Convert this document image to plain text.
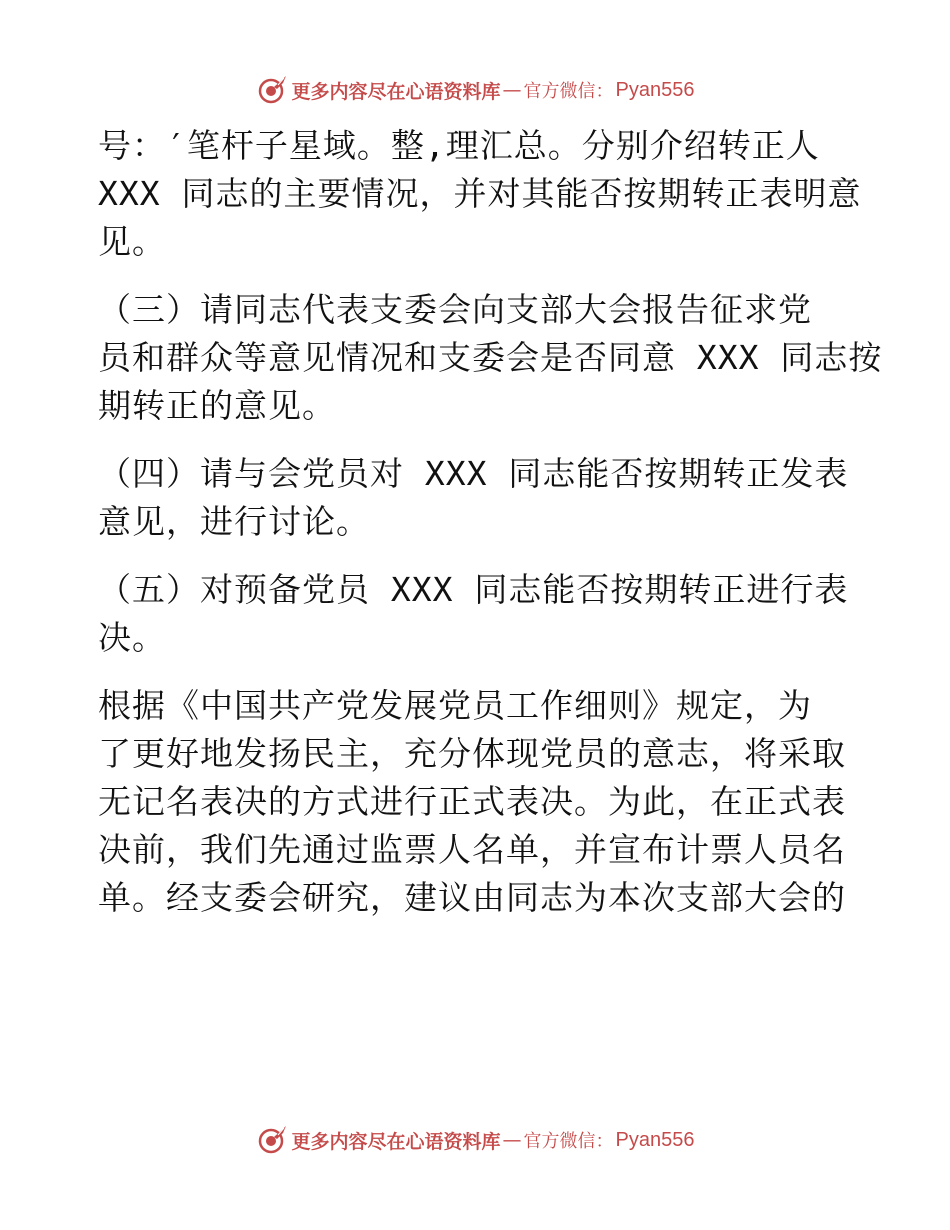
更多内容尽在心语资料库 — 官方微信： Pyan556

号：′笔杆子星域。整,理汇总。分别介绍转正人
XXX 同志的主要情况，并对其能否按期转正表明意
见。

（三）请同志代表支委会向支部大会报告征求党
员和群众等意见情况和支委会是否同意 XXX 同志按
期转正的意见。

（四）请与会党员对 XXX 同志能否按期转正发表
意见，进行讨论。

（五）对预备党员 XXX 同志能否按期转正进行表
决。

根据《中国共产党发展党员工作细则》规定，为
了更好地发扬民主，充分体现党员的意志，将采取
无记名表决的方式进行正式表决。为此，在正式表
决前，我们先通过监票人名单，并宣布计票人员名
单。经支委会研究，建议由同志为本次支部大会的

更多内容尽在心语资料库 — 官方微信： Pyan556
